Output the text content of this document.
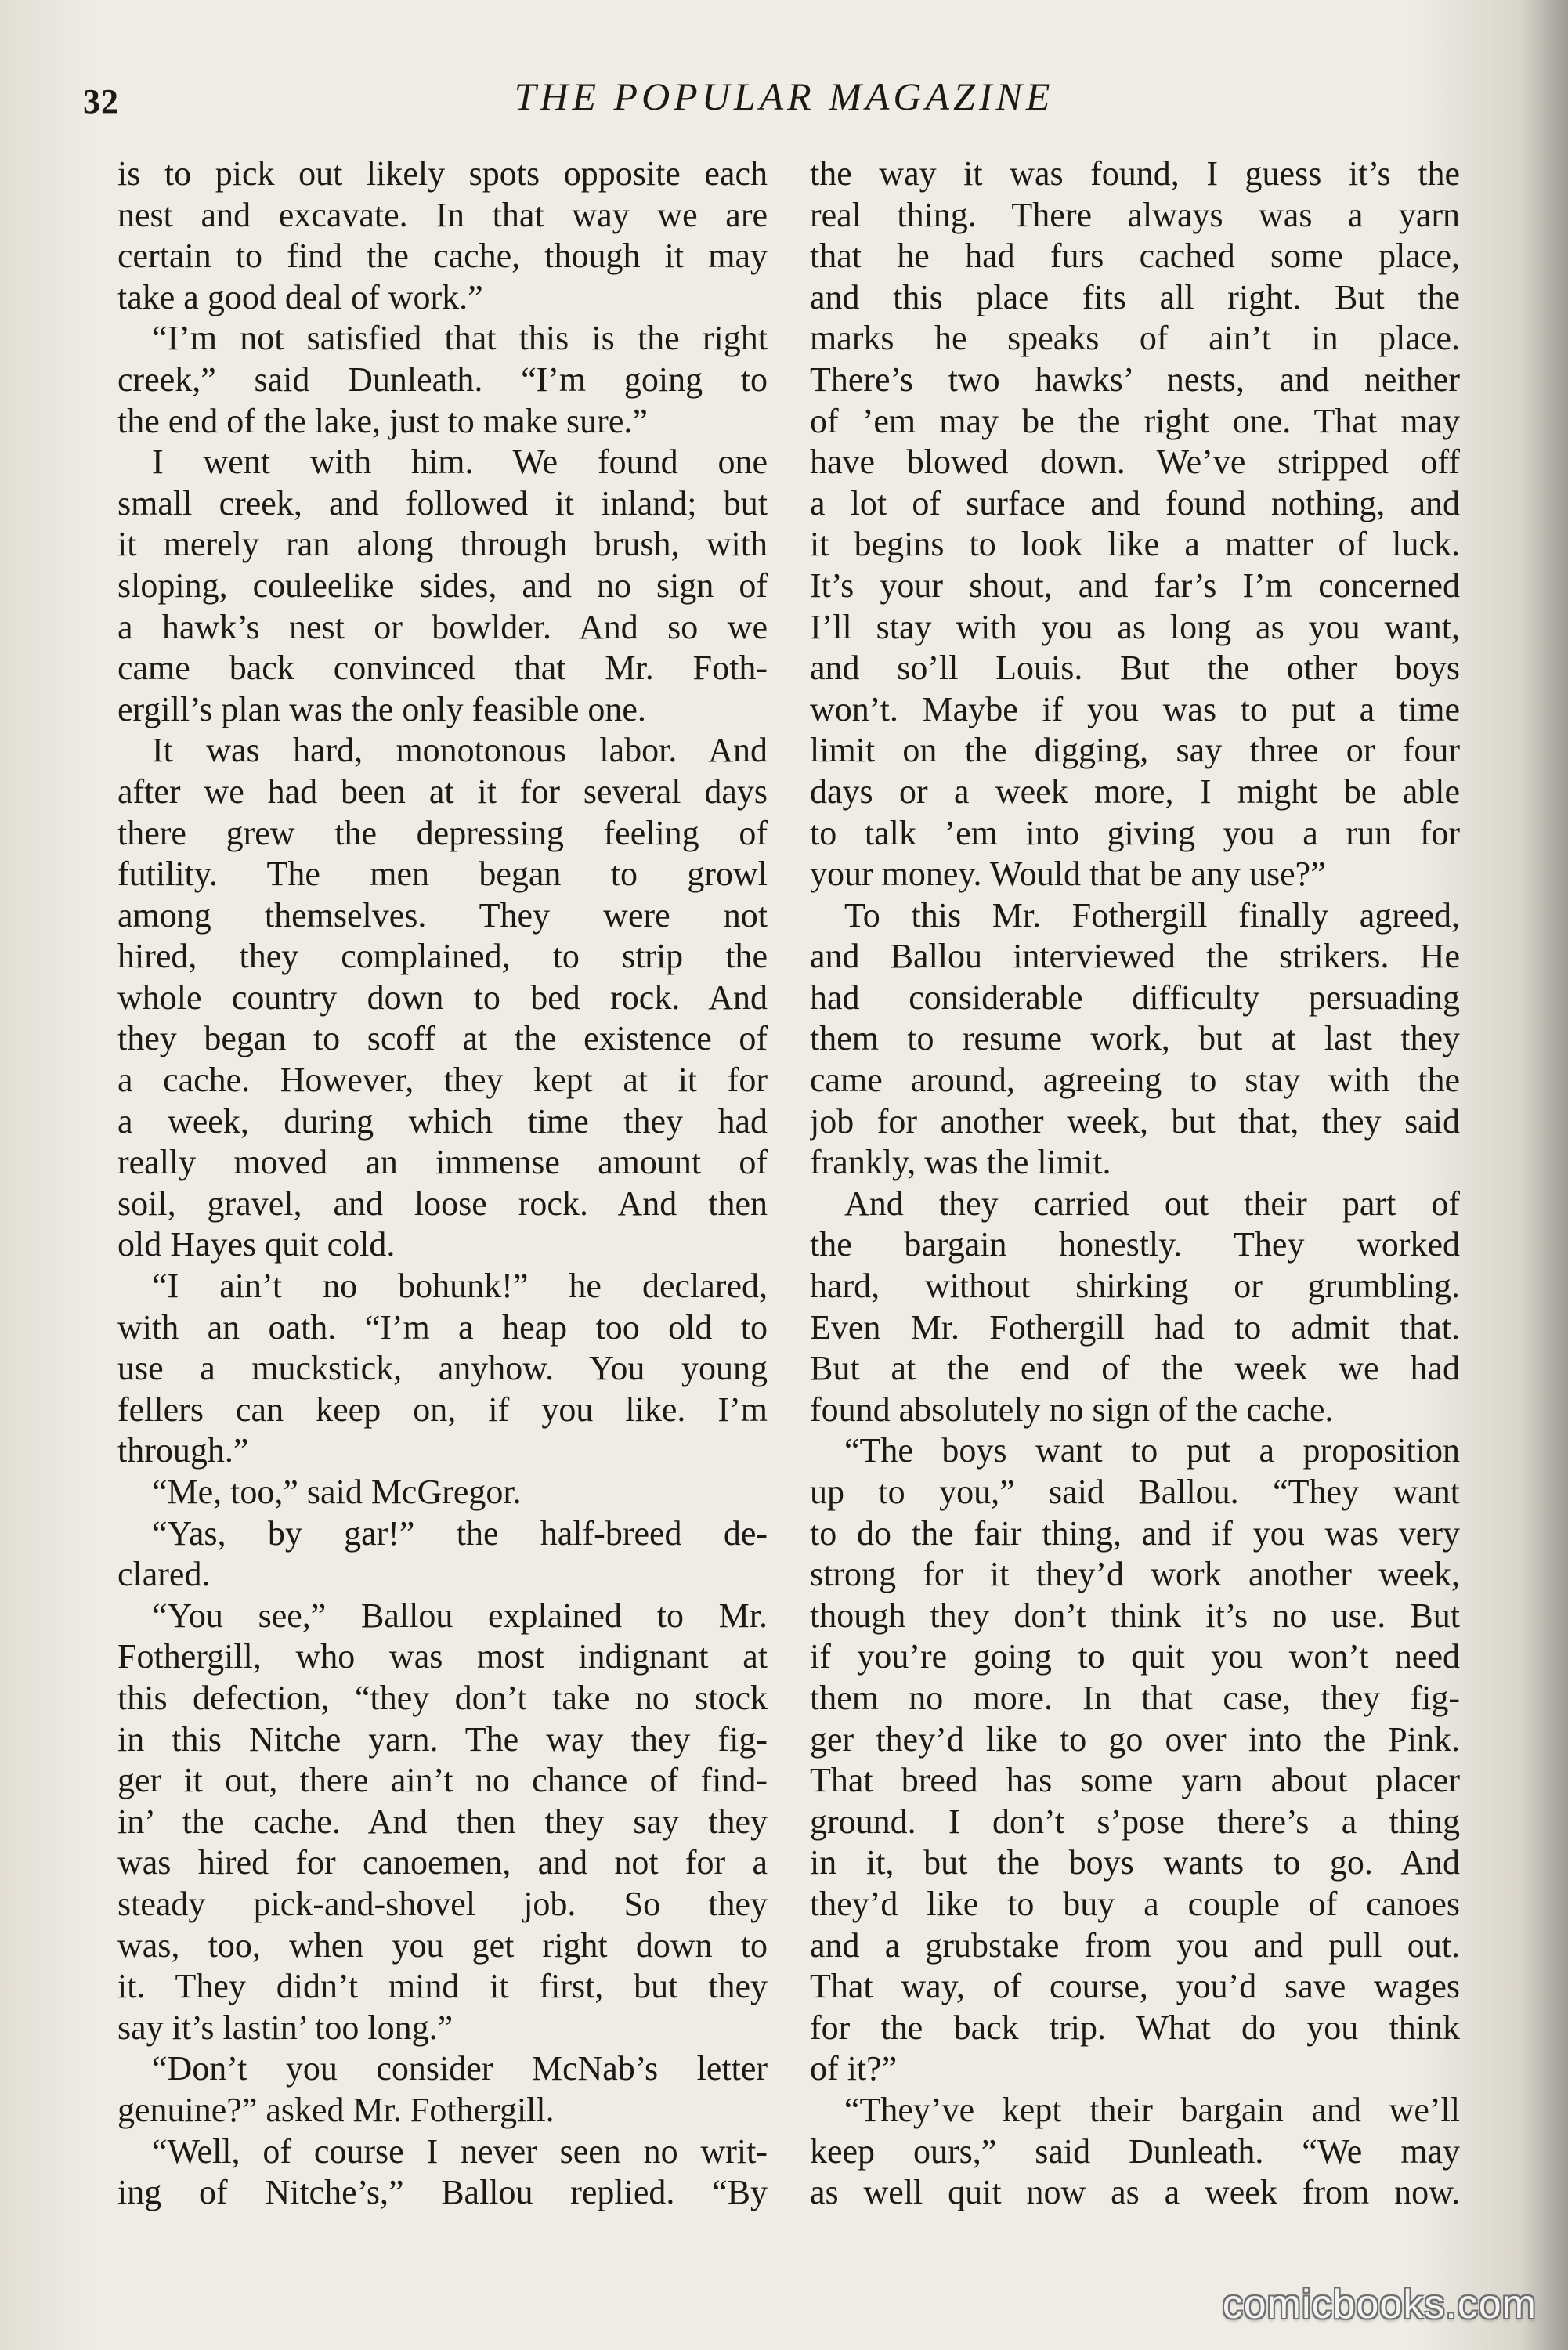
32	THE POPULAR MAGAZINE
is to pick out likely spots opposite each
nest and excavate. In that way we are
certain to find the cache, though it may
take a good deal of work.”
“I’m not satisfied that this is the right
creek,” said Dunleath. “I’m going to
the end of the lake, just to make sure.”
I went with him. We found one
small creek, and followed it inland; but
it merely ran along through brush, with
sloping, couleelike sides, and no sign of
a hawk’s nest or bowlder. And so we
came back convinced that Mr. Foth-
ergill’s plan was the only feasible one.
It was hard, monotonous labor. And
after we had been at it for several days
there grew the depressing feeling of
futility. The men began to growl
among themselves. They were not
hired, they complained, to strip the
whole country down to bed rock. And
they began to scoff at the existence of
a cache. However, they kept at it for
a week, during which time they had
really moved an immense amount of
soil, gravel, and loose rock. And then
old Hayes quit cold.
“I ain’t no bohunk!” he declared,
with an oath. “I’m a heap too old to
use a muckstick, anyhow. You young
fellers can keep on, if you like. I’m
through.”
“Me, too,” said McGregor.
“Yas, by gar!” the half-breed de-
clared.
“You see,” Ballou explained to Mr.
Fothergill, who was most indignant at
this defection, “they don’t take no stock
in this Nitche yarn. The way they fig-
ger it out, there ain’t no chance of find-
in’ the cache. And then they say they
was hired for canoemen, and not for a
steady pick-and-shovel job. So they
was, too, when you get right down to
it. They didn’t mind it first, but they
say it’s lastin’ too long.”
“Don’t you consider McNab’s letter
genuine?” asked Mr. Fothergill.
“Well, of course I never seen no writ-
ing of Nitche’s,” Ballou replied. “By
the way it was found, I guess it’s the
real thing. There always was a yarn
that he had furs cached some place,
and this place fits all right. But the
marks he speaks of ain’t in place.
There’s two hawks’ nests, and neither
of ’em may be the right one. That may
have blowed down. We’ve stripped off
a lot of surface and found nothing, and
it begins to look like a matter of luck.
It’s your shout, and far’s I’m concerned
I’ll stay with you as long as you want,
and so’ll Louis. But the other boys
won’t. Maybe if you was to put a time
limit on the digging, say three or four
days or a week more, I might be able
to talk ’em into giving you a run for
your money. Would that be any use?”
To this Mr. Fothergill finally agreed,
and Ballou interviewed the strikers. He
had considerable difficulty persuading
them to resume work, but at last they
came around, agreeing to stay with the
job for another week, but that, they said
frankly, was the limit.
And they carried out their part of
the bargain honestly. They worked
hard, without shirking or grumbling.
Even Mr. Fothergill had to admit that.
But at the end of the week we had
found absolutely no sign of the cache.
“The boys want to put a proposition
up to you,” said Ballou. “They want
to do the fair thing, and if you was very
strong for it they’d work another week,
though they don’t think it’s no use. But
if you’re going to quit you won’t need
them no more. In that case, they fig-
ger they’d like to go over into the Pink.
That breed has some yarn about placer
ground. I don’t s’pose there’s a thing
in it, but the boys wants to go. And
they’d like to buy a couple of canoes
and a grubstake from you and pull out.
That way, of course, you’d save wages
for the back trip. What do you think
of it?”
“They’ve kept their bargain and we’ll
keep ours,” said Dunleath. “We may
as well quit now as a week from now.
comicbooks.com
